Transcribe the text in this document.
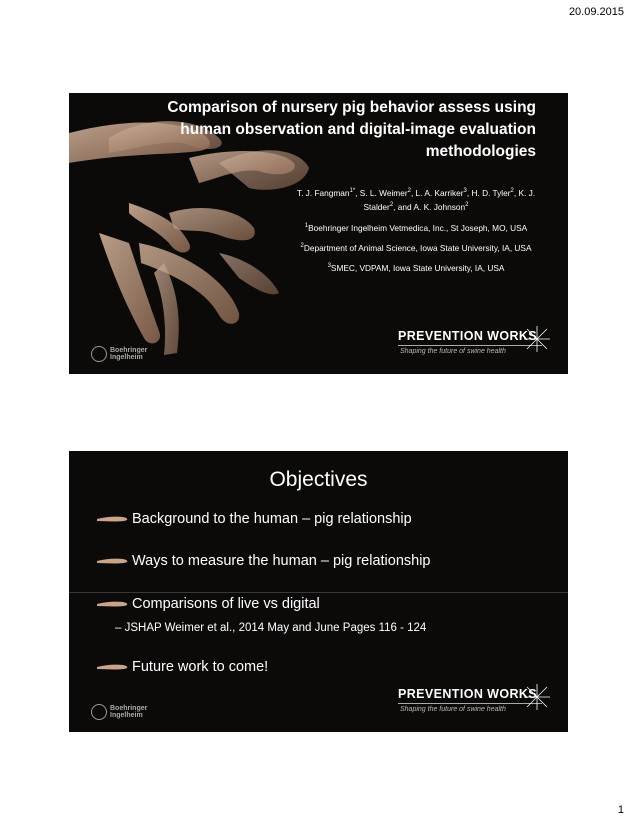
20.09.2015
Comparison of nursery pig behavior assess using human observation and digital-image evaluation methodologies

T. J. Fangman$^{1*}$, S. L. Weimer$^2$, L. A. Karriker$^3$, H. D. Tyler$^2$, K. J. Stalder$^2$, and A. K. Johnson$^2$

$^1$Boehringer Ingelheim Vetmedica, Inc., St Joseph, MO, USA

$^2$Department of Animal Science, Iowa State University, IA, USA

$^3$SMEC, VDPAM, Iowa State University, IA, USA

Boehringer
Ingelheim
PREVENTION WORKS
Shaping the future of swine health
Objectives
Background to the human – pig relationship
Ways to measure the human – pig relationship
Comparisons of live vs digital
– JSHAP Weimer et al., 2014 May and June Pages 116 - 124
Future work to come!
Boehringer
Ingelheim
PREVENTION WORKS
Shaping the future of swine health
1
